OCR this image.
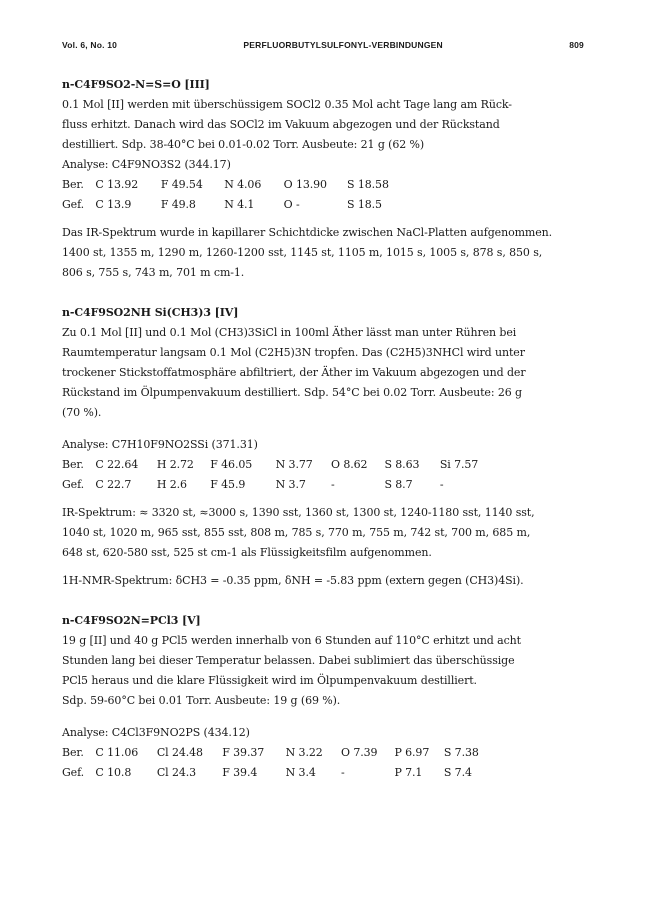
Vol. 6, No. 10	PERFLUORBUTYLSULFONYL-VERBINDUNGEN	809
n-C4F9SO2-N=S=O [III]
0.1 Mol [II] werden mit überschüssigem SOCl2 0.35 Mol acht Tage lang am Rück-
fluss erhitzt. Danach wird das SOCl2 im Vakuum abgezogen und der Rückstand
destilliert. Sdp. 38-40°C bei 0.01-0.02 Torr. Ausbeute: 21 g (62 %)
Analyse: C4F9NO3S2 (344.17)
Ber. C 13.92 F 49.54 N 4.06 O 13.90 S 18.58
Gef. C 13.9	F 49.8	N 4.1	O -	S 18.5
Das IR-Spektrum wurde in kapillarer Schichtdicke zwischen NaCl-Platten aufgenommen.
1400 st, 1355 m, 1290 m, 1260-1200 sst, 1145 st, 1105 m, 1015 s, 1005 s, 878 s, 850 s,
806 s, 755 s, 743 m, 701 m cm-1.
n-C4F9SO2NH Si(CH3)3 [IV]
Zu 0.1 Mol [II] und 0.1 Mol (CH3)3SiCl in 100ml Äther lässt man unter Rühren bei
Raumtemperatur langsam 0.1 Mol (C2H5)3N tropfen. Das (C2H5)3NHCl wird unter
trockener Stickstoffatmosphäre abfiltriert, der Äther im Vakuum abgezogen und der
Rückstand im Ölpumpenvakuum destilliert. Sdp. 54°C bei 0.02 Torr. Ausbeute: 26 g
(70 %).
Analyse: C7H10F9NO2SSi (371.31)
Ber. C 22.64 H 2.72 F 46.05 N 3.77 O 8.62 S 8.63 Si 7.57
Gef. C 22.7 H 2.6 F 45.9	N 3.7 -	S 8.7 -
IR-Spektrum: ≈ 3320 st, ≈3000 s, 1390 sst, 1360 st, 1300 st, 1240-1180 sst, 1140 sst,
1040 st, 1020 m, 965 sst, 855 sst, 808 m, 785 s, 770 m, 755 m, 742 st, 700 m, 685 m,
648 st, 620-580 sst, 525 st cm-1 als Flüssigkeitsfilm aufgenommen.
1H-NMR-Spektrum: δCH3 = -0.35 ppm, δNH = -5.83 ppm (extern gegen (CH3)4Si).
n-C4F9SO2N=PCl3 [V]
19 g [II] und 40 g PCl5 werden innerhalb von 6 Stunden auf 110°C erhitzt und acht
Stunden lang bei dieser Temperatur belassen. Dabei sublimiert das überschüssige
PCl5 heraus und die klare Flüssigkeit wird im Ölpumpenvakuum destilliert.
Sdp. 59-60°C bei 0.01 Torr. Ausbeute: 19 g (69 %).
Analyse: C4Cl3F9NO2PS (434.12)
Ber. C 11.06 Cl 24.48 F 39.37 N 3.22 O 7.39 P 6.97 S 7.38
Gef. C 10.8 Cl 24.3 F 39.4	N 3.4 -	P 7.1 S 7.4
